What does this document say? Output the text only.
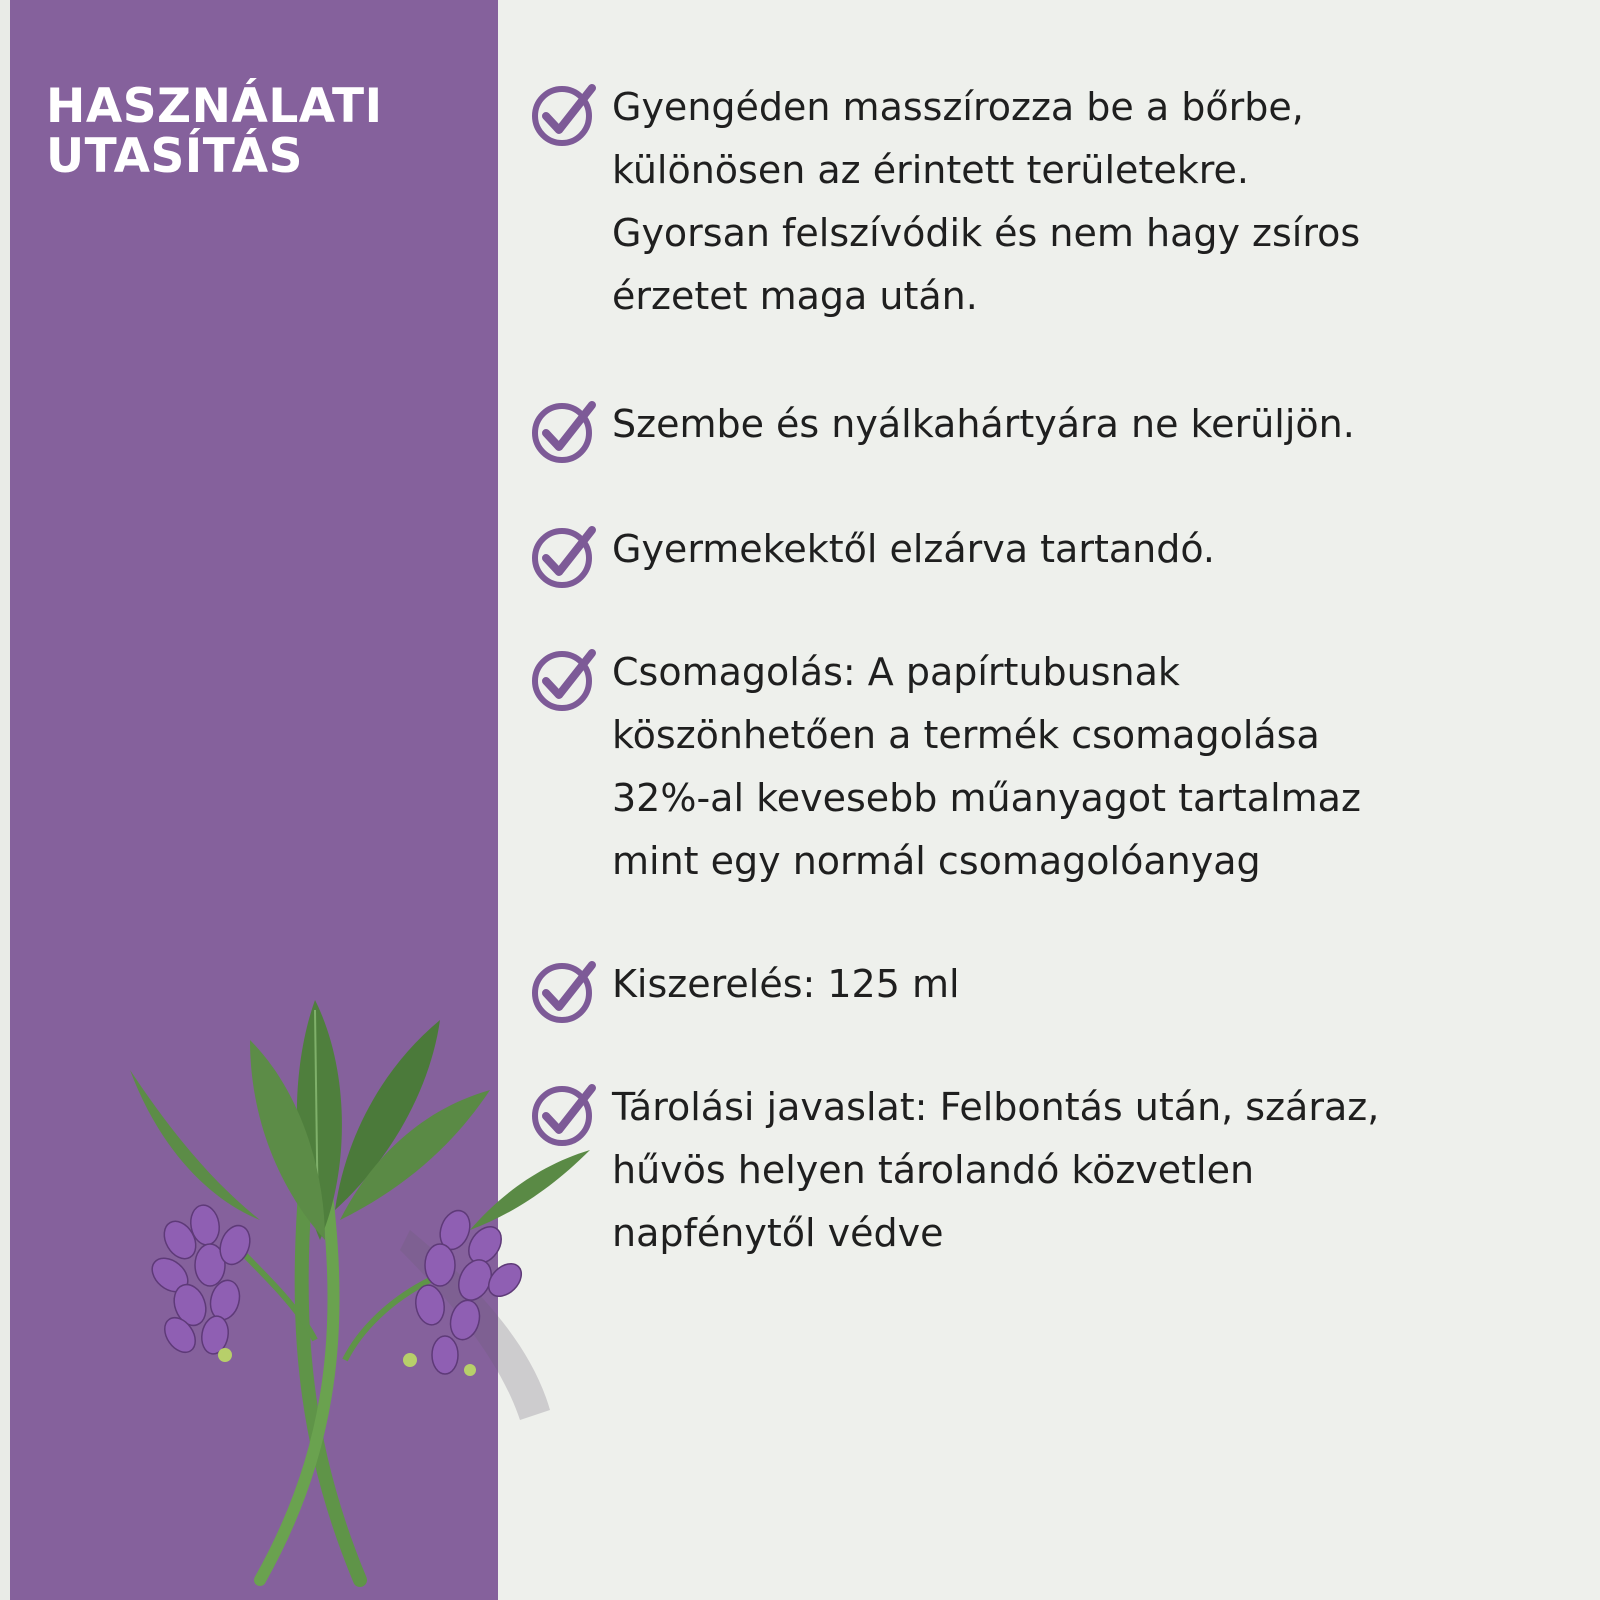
HASZNÁLATI
UTASÍTÁS

Gyengéden masszírozza be a bőrbe,
különösen az érintett területekre.
Gyorsan felszívódik és nem hagy zsíros
érzetet maga után.

Szembe és nyálkahártyára ne kerüljön.

Gyermekektől elzárva tartandó.

Csomagolás: A papírtubusnak
köszönhetően a termék csomagolása
32%-al kevesebb műanyagot tartalmaz
mint egy normál csomagolóanyag

Kiszerelés: 125 ml

Tárolási javaslat: Felbontás után, száraz,
hűvös helyen tárolandó közvetlen
napfénytől védve
